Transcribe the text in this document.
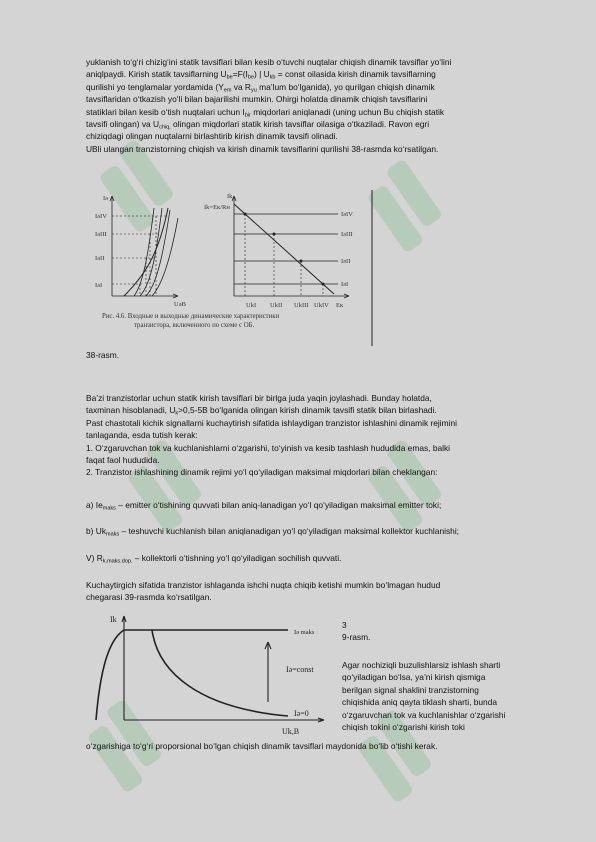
yuklanish to‘g‘ri chizig‘ini statik tavsiflari bilan kesib o‘tuvchi nuqtalar chiqish dinamik tavsiflar yo‘lini

aniqlpaydi. Kirish statik tavsiflarning $U_{be}=F(I_{be})$ | $U_{kb}$ = const oilasida kirish dinamik tavsiflarning

qurilishi yo tenglamalar yordamida ($Y_{em}$ va $R_{yu}$ ma’lum bo‘lganida), yo qurilgan chiqish dinamik

tavsiflaridan o‘tkazish yo‘li bilan bajarilishi mumkin. Ohirgi holatda dinamik chiqish tavsiflarini

statiklari bilan kesib o‘tish nuqtalari uchun $I_{bir}$ miqdorlari aniqlanadi (uning uchun Bu chiqish statik

tavsifi olingan) va $U_{chiq,}$ olingan miqdorlari statik kirish tavsiflar oilasiga o‘tkaziladi. Ravon egri

chiziqdagi olingan nuqtalarni birlashtirib kirish dinamik tavsifi olinadi.

UBli ulangan tranzistorning chiqish va kirish dinamik tavsiflarini qurilishi 38-rasmda ko‘rsatilgan.

Iə
IəIV
IəIII
IəII
IəI
UəB
Ik
Ik=Eк/Rн
IəIV
IəIII
IəII
IəI
UkI UkII UkIII UkIV Eк
Рис. 4.6. Входные и выходные динамические характеристики
транзистора, включенного по схеме с ОБ.
38-rasm.

Ba’zi tranzistorlar uchun statik kirish tavsiflari bir birlga juda yaqin joylashadi. Bunday holatda,

taxminan hisoblanadi, $U_k>0,5-5B$ bo‘lganida olingan kirish dinamik tavsifi statik bilan birlashadi.

Past chastotali kichik signallarni kuchaytirish sifatida ishlaydigan tranzistor ishlashini dinamik rejimini

tanlaganda, esda tutish kerak:

1. O‘zgaruvchan tok va kuchlanishlarni o‘zgarishi, to‘yinish va kesib tashlash hududida emas, balki

faqat faol hududida.

2. Tranzistor ishlashining dinamik rejimi yo‘l qo‘yiladigan maksimal miqdorlari bilan cheklangan:

a) $Ie_{maks}$ – emitter o‘tishining quvvati bilan aniq-lanadigan yo‘l qo‘yiladigan maksimal emitter toki;
b) $Uk_{maks}$ – teshuvchi kuchlanish bilan aniqlanadigan yo‘l qo‘yiladigan maksimal kollektor kuchlanishi;
V) $R_{k.maks.dop.}$ – kollektorli o‘tishning yo‘l qo‘yiladigan sochilish quvvati.

Kuchaytirgich sifatida tranzistor ishlaganda ishchi nuqta chiqib ketishi mumkin bo‘lmagan hudud

chegarasi 39-rasmda ko‘rsatilgan.

Ik
Iə maks
Iə=const
Iə=0
Uk,B

3

9-rasm.

Agar nochiziqli buzulishlarsiz ishlash sharti

qo‘yiladigan bo‘lsa, ya’ni kirish qismiga

berilgan signal shaklini tranzistorning

chiqishida aniq qayta tiklash sharti, bunda

o‘zgaruvchan tok va kuchlanishlar o‘zgarishi

chiqish tokini o‘zgarishi kirish toki

o‘zgarishiga to‘g‘ri proporsional bo‘lgan chiqish dinamik tavsiflari maydonida bo‘lib o‘tishi kerak.
